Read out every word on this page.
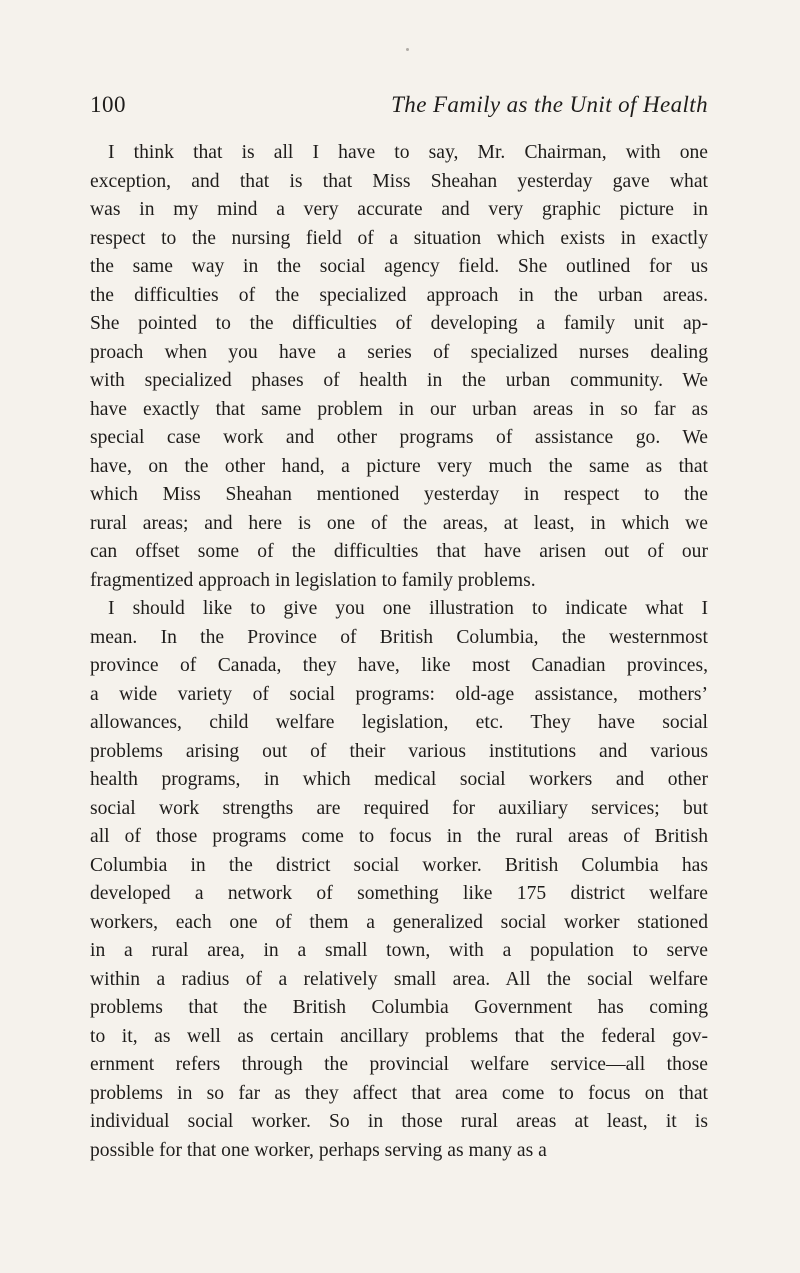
100	The Family as the Unit of Health
I think that is all I have to say, Mr. Chairman, with one
exception, and that is that Miss Sheahan yesterday gave what
was in my mind a very accurate and very graphic picture in
respect to the nursing field of a situation which exists in exactly
the same way in the social agency field. She outlined for us
the difficulties of the specialized approach in the urban areas.
She pointed to the difficulties of developing a family unit ap-
proach when you have a series of specialized nurses dealing
with specialized phases of health in the urban community. We
have exactly that same problem in our urban areas in so far as
special case work and other programs of assistance go. We
have, on the other hand, a picture very much the same as that
which Miss Sheahan mentioned yesterday in respect to the
rural areas; and here is one of the areas, at least, in which we
can offset some of the difficulties that have arisen out of our
fragmentized approach in legislation to family problems.
I should like to give you one illustration to indicate what I
mean. In the Province of British Columbia, the westernmost
province of Canada, they have, like most Canadian provinces,
a wide variety of social programs: old-age assistance, mothers’
allowances, child welfare legislation, etc. They have social
problems arising out of their various institutions and various
health programs, in which medical social workers and other
social work strengths are required for auxiliary services; but
all of those programs come to focus in the rural areas of British
Columbia in the district social worker. British Columbia has
developed a network of something like 175 district welfare
workers, each one of them a generalized social worker stationed
in a rural area, in a small town, with a population to serve
within a radius of a relatively small area. All the social welfare
problems that the British Columbia Government has coming
to it, as well as certain ancillary problems that the federal gov-
ernment refers through the provincial welfare service—all those
problems in so far as they affect that area come to focus on that
individual social worker. So in those rural areas at least, it is
possible for that one worker, perhaps serving as many as a
